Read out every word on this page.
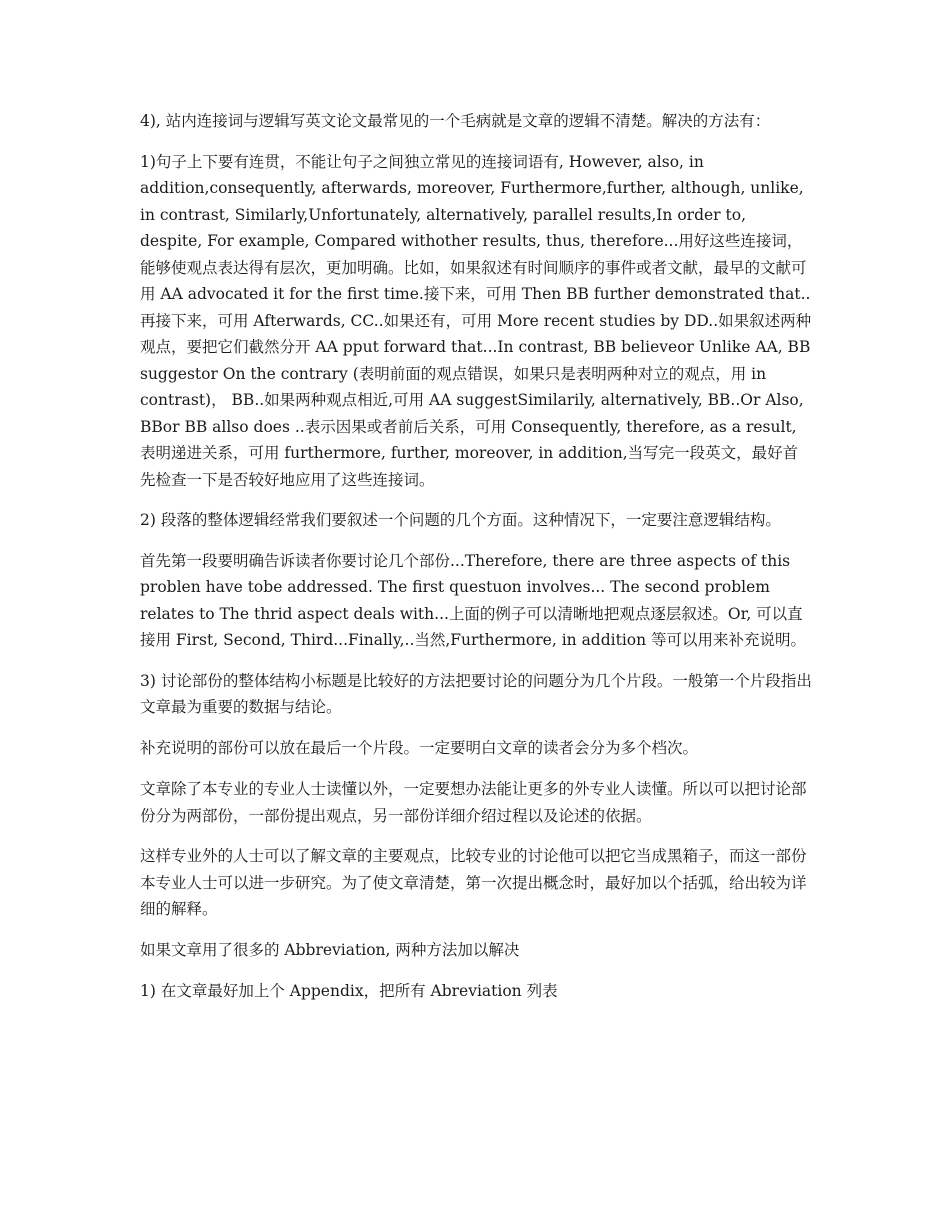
4), 站内连接词与逻辑写英文论文最常见的一个毛病就是文章的逻辑不清楚。解决的方法有：

1)句子上下要有连贯，不能让句子之间独立常见的连接词语有, However, also, in addition,consequently, afterwards, moreover, Furthermore,further, although, unlike, in contrast, Similarly,Unfortunately, alternatively, parallel results,In order to, despite, For example, Compared withother results, thus, therefore...用好这些连接词，能够使观点表达得有层次，更加明确。比如，如果叙述有时间顺序的事件或者文献，最早的文献可用 AA advocated it for the first time.接下来，可用 Then BB further demonstrated that..再接下来，可用 Afterwards, CC..如果还有，可用 More recent studies by DD..如果叙述两种观点，要把它们截然分开 AA pput forward that...In contrast, BB believeor Unlike AA, BB suggestor On the contrary (表明前面的观点错误，如果只是表明两种对立的观点，用 in contrast)， BB..如果两种观点相近,可用 AA suggestSimilarily, alternatively, BB..Or Also, BBor BB allso does ..表示因果或者前后关系，可用 Consequently, therefore, as a result,表明递进关系，可用 furthermore, further, moreover, in addition,当写完一段英文，最好首先检查一下是否较好地应用了这些连接词。

2) 段落的整体逻辑经常我们要叙述一个问题的几个方面。这种情况下，一定要注意逻辑结构。

首先第一段要明确告诉读者你要讨论几个部份...Therefore, there are three aspects of this problen have tobe addressed. The first questuon involves... The second problem relates to The thrid aspect deals with...上面的例子可以清晰地把观点逐层叙述。Or, 可以直接用 First, Second, Third...Finally,..当然,Furthermore, in addition 等可以用来补充说明。

3) 讨论部份的整体结构小标题是比较好的方法把要讨论的问题分为几个片段。一般第一个片段指出文章最为重要的数据与结论。

补充说明的部份可以放在最后一个片段。一定要明白文章的读者会分为多个档次。

文章除了本专业的专业人士读懂以外，一定要想办法能让更多的外专业人读懂。所以可以把讨论部份分为两部份，一部份提出观点，另一部份详细介绍过程以及论述的依据。

这样专业外的人士可以了解文章的主要观点，比较专业的讨论他可以把它当成黑箱子，而这一部份本专业人士可以进一步研究。为了使文章清楚，第一次提出概念时，最好加以个括弧，给出较为详细的解释。

如果文章用了很多的 Abbreviation, 两种方法加以解决

1) 在文章最好加上个 Appendix，把所有 Abreviation 列表
